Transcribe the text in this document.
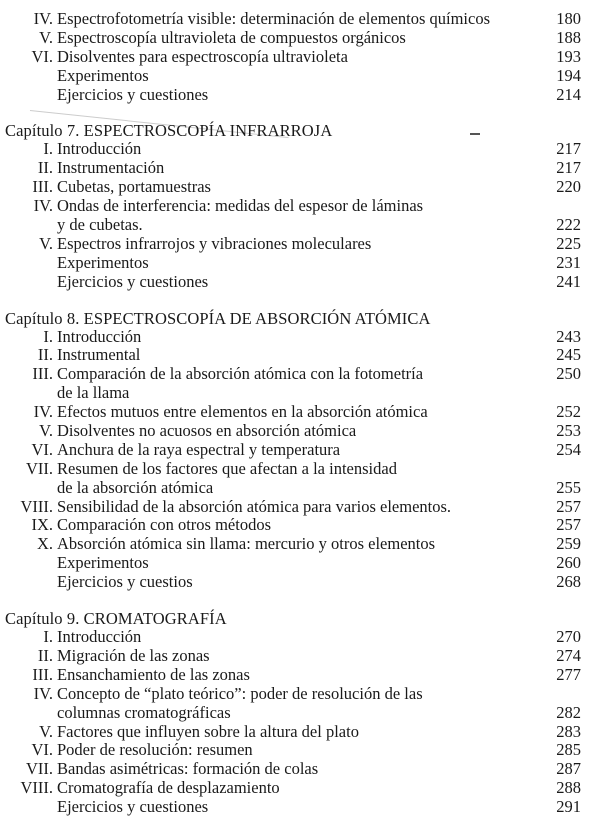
IV. Espectrofotometría visible: determinación de elementos químicos	180
V. Espectroscopía ultravioleta de compuestos orgánicos	188
VI. Disolventes para espectroscopía ultravioleta	193
Experimentos	194
Ejercicios y cuestiones	214
Capítulo 7. ESPECTROSCOPÍA INFRARROJA
I. Introducción	217
II. Instrumentación	217
III. Cubetas, portamuestras	220
IV. Ondas de interferencia: medidas del espesor de láminas
y de cubetas.	222
V. Espectros infrarrojos y vibraciones moleculares	225
Experimentos	231
Ejercicios y cuestiones	241
Capítulo 8. ESPECTROSCOPÍA DE ABSORCIÓN ATÓMICA
I. Introducción	243
II. Instrumental	245
III. Comparación de la absorción atómica con la fotometría	250
de la llama
IV. Efectos mutuos entre elementos en la absorción atómica	252
V. Disolventes no acuosos en absorción atómica	253
VI. Anchura de la raya espectral y temperatura	254
VII. Resumen de los factores que afectan a la intensidad
de la absorción atómica	255
VIII. Sensibilidad de la absorción atómica para varios elementos.	257
IX. Comparación con otros métodos	257
X. Absorción atómica sin llama: mercurio y otros elementos	259
Experimentos	260
Ejercicios y cuestios	268
Capítulo 9. CROMATOGRAFÍA
I. Introducción	270
II. Migración de las zonas	274
III. Ensanchamiento de las zonas	277
IV. Concepto de “plato teórico”: poder de resolución de las
columnas cromatográficas	282
V. Factores que influyen sobre la altura del plato	283
VI. Poder de resolución: resumen	285
VII. Bandas asimétricas: formación de colas	287
VIII. Cromatografía de desplazamiento	288
Ejercicios y cuestiones	291
